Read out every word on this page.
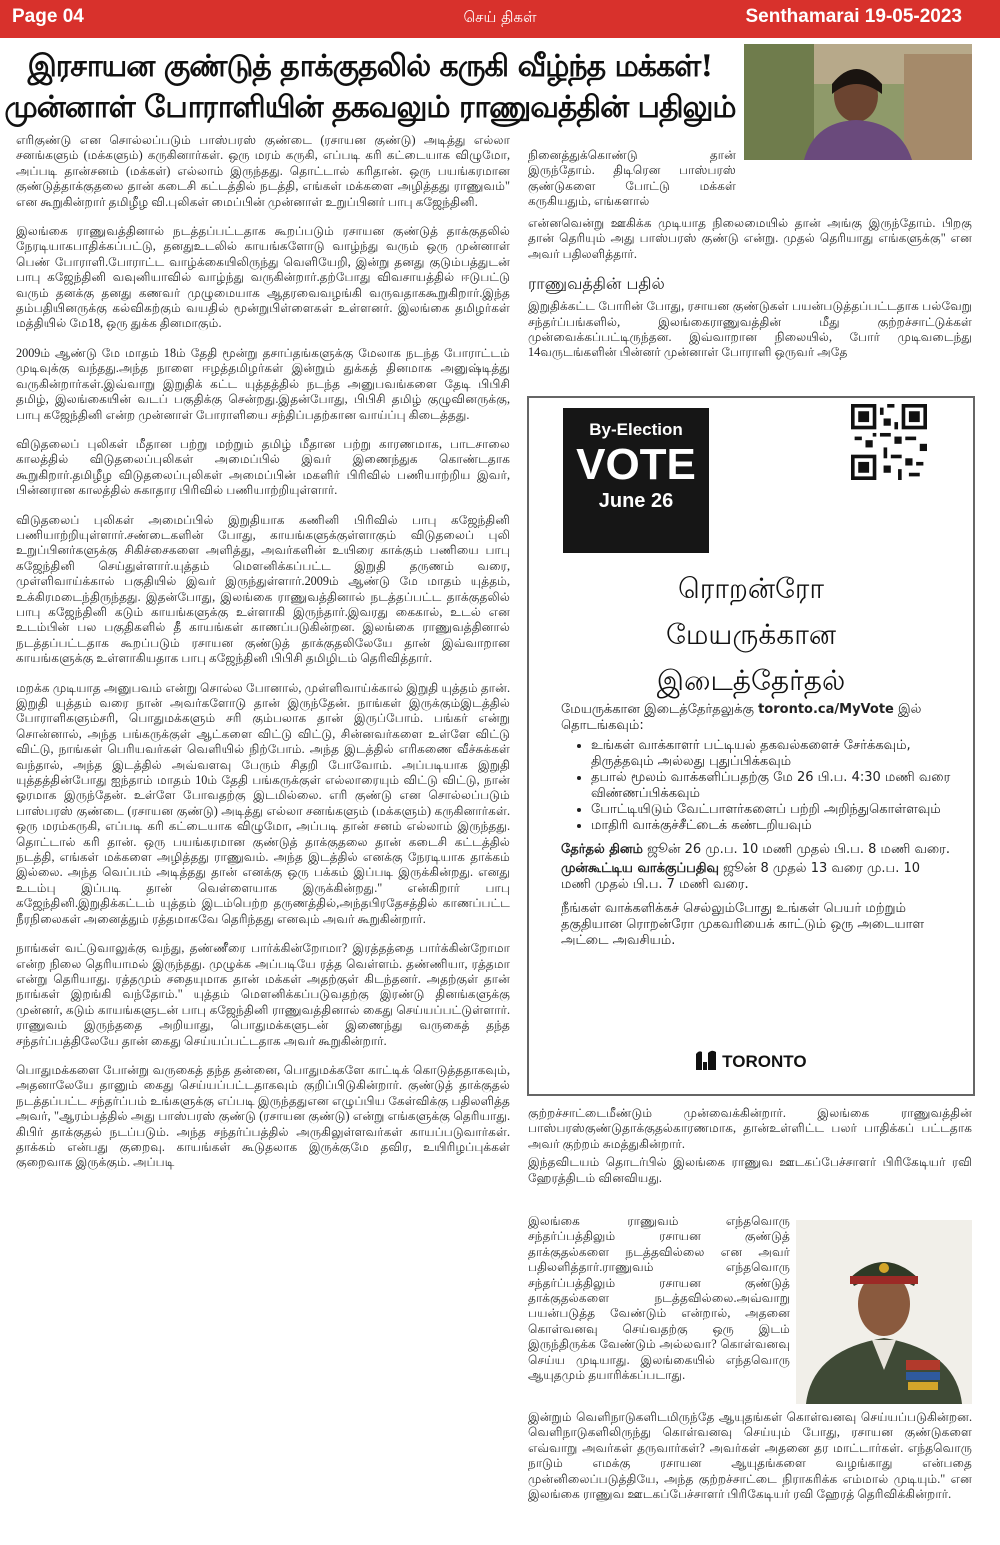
Page 04	செய் திகள்	Senthamarai 19-05-2023
இரசாயன குண்டுத் தாக்குதலில் கருகி வீழ்ந்த மக்கள்!
முன்னாள் போராளியின் தகவலும் ராணுவத்தின் பதிலும்

எரிகுண்டு என சொல்லப்படும் பாஸ்பரஸ் குண்டை (ரசாயன குண்டு) அடித்து எல்லா சனங்களும் (மக்களும்) கருகினார்கள். ஒரு மரம் கருகி, எப்படி கரி கட்டையாக விழுமோ, அப்படி தான்சனம் (மக்கள்) எல்லாம் இருந்தது. தொட்டால் கரிதான். ஒரு பயங்கரமான குண்டுத்தாக்குதலை தான் கடைசி கட்டத்தில் நடத்தி, எங்கள் மக்களை அழித்தது ராணுவம்" என கூறுகின்றார் தமிழீழ வி.புலிகள் மைப்பின் முன்னாள் உறுப்பினர் பாபு கஜேந்தினி.

இலங்கை ராணுவத்தினால் நடத்தப்பட்டதாக கூறப்படும் ரசாயன குண்டுத் தாக்குதலில் நேரடியாகபாதிக்கப்பட்டு, தனதுஉடலில் காயங்களோடு வாழ்ந்து வரும் ஒரு முன்னாள் பெண் போராளி.போராட்ட வாழ்க்கையிலிருந்து வெளியேறி, இன்று தனது குடும்பத்துடன் பாபு கஜேந்தினி வவுனியாவில் வாழ்ந்து வருகின்றார்.தற்போது விவசாயத்தில் ஈடுபட்டு வரும் தனக்கு தனது கணவர் முழுமையாக ஆதரவைவழங்கி வருவதாககூறுகிறார்.இந்த தம்பதியினருக்கு கல்விகற்கும் வயதில் மூன்றுபிள்ளைகள் உள்ளனர். இலங்கை தமிழர்கள் மத்தியில் மே18, ஒரு துக்க தினமாகும்.

2009ம் ஆண்டு மே மாதம் 18ம் தேதி மூன்று தசாப்தங்களுக்கு மேலாக நடந்த போராட்டம் முடிவுக்கு வந்தது.அந்த நாளை ஈழத்தமிழர்கள் இன்றும் துக்கத் தினமாக அனுஷ்டித்து வருகின்றார்கள்.இவ்வாறு இறுதிக் கட்ட யுத்தத்தில் நடந்த அனுபவங்களை தேடி பிபிசி தமிழ், இலங்கையின் வடப் பகுதிக்கு சென்றது.இதன்போது, பிபிசி தமிழ் குழுவினருக்கு, பாபு கஜேந்தினி என்ற முன்னாள் போராளியை சந்திப்பதற்கான வாய்ப்பு கிடைத்தது.

விடுதலைப் புலிகள் மீதான பற்று மற்றும் தமிழ் மீதான பற்று காரணமாக, பாடசாலை காலத்தில் விடுதலைப்புலிகள் அமைப்பில் இவர் இணைந்துக கொண்டதாக கூறுகிறார்.தமிழீழ விடுதலைப்புலிகள் அமைப்பின் மகளிர் பிரிவில் பணியாற்றிய இவர், பின்னரான காலத்தில் சுகாதார பிரிவில் பணியாற்றியுள்ளார்.

விடுதலைப் புலிகள் அமைப்பில் இறுதியாக கணினி பிரிவில் பாபு கஜேந்தினி பணியாற்றியுள்ளார்.சண்டைகளின் போது, காயங்களுக்குள்ளாகும் விடுதலைப் புலி உறுப்பினர்களுக்கு சிகிச்சைகளை அளித்து, அவர்களின் உயிரை காக்கும் பணியை பாபு கஜேந்தினி செய்துள்ளார்.யுத்தம் மௌனிக்கப்பட்ட இறுதி தருணம் வரை, முள்ளிவாய்க்கால் பகுதியில் இவர் இருந்துள்ளார்.2009ம் ஆண்டு மே மாதம் யுத்தம், உக்கிரமடைந்திருந்தது. இதன்போது, இலங்கை ராணுவத்தினால் நடத்தப்பட்ட தாக்குதலில் பாபு கஜேந்தினி கடும் காயங்களுக்கு உள்ளாகி இருந்தார்.இவரது கைகால், உடல் என உடம்பின் பல பகுதிகளில் தீ காயங்கள் காணப்படுகின்றன. இலங்கை ராணுவத்தினால் நடத்தப்பட்டதாக கூறப்படும் ரசாயன குண்டுத் தாக்குதலிலேயே தான் இவ்வாறான காயங்களுக்கு உள்ளாகியதாக பாபு கஜேந்தினி பிபிசி தமிழிடம் தெரிவித்தார்.

மறக்க முடியாத அனுபவம் என்று சொல்ல போனால், முள்ளிவாய்க்கால் இறுதி யுத்தம் தான். இறுதி யுத்தம் வரை நான் அவர்களோடு தான் இருந்தேன். நாங்கள் இருக்கும்இடத்தில் போராளிகளும்சரி, பொதுமக்களும் சரி கும்பலாக தான் இருப்போம். பங்கர் என்று சொன்னால், அந்த பங்கருக்குள் ஆட்களை விட்டு விட்டு, சின்னவர்களை உள்ளே விட்டு விட்டு, நாங்கள் பெரியவர்கள் வெளியில் நிற்போம். அந்த இடத்தில் எரிகணை வீச்சுக்கள் வந்தால், அந்த இடத்தில் அவ்வளவு பேரும் சிதறி போவோம். அப்படியாக இறுதி யுத்தத்தின்போது ஐந்தாம் மாதம் 10ம் தேதி பங்கருக்குள் எல்லாரையும் விட்டு விட்டு, நான் ஓரமாக இருந்தேன். உள்ளே போவதற்கு இடமில்லை. எரி குண்டு என சொல்லப்படும் பாஸ்பரஸ் குண்டை (ரசாயன குண்டு) அடித்து எல்லா சனங்களும் (மக்களும்) கருகினார்கள். ஒரு மரம்கருகி, எப்படி கரி கட்டையாக விழுமோ, அப்படி தான் சனம் எல்லாம் இருந்தது. தொட்டால் கரி தான். ஒரு பயங்கரமான குண்டுத் தாக்குதலை தான் கடைசி கட்டத்தில் நடத்தி, எங்கள் மக்களை அழித்தது ராணுவம். அந்த இடத்தில் எனக்கு நேரடியாக தாக்கம் இல்லை. அந்த வெப்பம் அடித்தது தான் எனக்கு ஒரு பக்கம் இப்படி இருக்கின்றது. எனது உடம்பு இப்படி தான் வெள்ளையாக இருக்கின்றது." என்கிறார் பாபு கஜேந்தினி.இறுதிக்கட்டம் யுத்தம் இடம்பெற்ற தருணத்தில்,அந்தபிரதேசத்தில் காணப்பட்ட நீரநிலைகள் அனைத்தும் ரத்தமாகவே தெரிந்தது எனவும் அவர் கூறுகின்றார்.

நாங்கள் வட்டுவாலுக்கு வந்து, தண்ணீரை பார்க்கின்றோமா? இரத்தத்தை பார்க்கின்றோமா என்ற நிலை தெரியாமல் இருந்தது. முழுக்க அப்படியே ரத்த வெள்ளம். தண்ணியா, ரத்தமா என்று தெரியாது. ரத்தமும் சதையுமாக தான் மக்கள் அதற்குள் கிடந்தனர். அதற்குள் தான் நாங்கள் இறங்கி வந்தோம்." யுத்தம் மௌனிக்கப்படுவதற்கு இரண்டு தினங்களுக்கு முன்னர், கடும் காயங்களுடன் பாபு கஜேந்தினி ராணுவத்தினால் கைது செய்யப்பட்டுள்ளார். ராணுவம் இருந்ததை அறியாது, பொதுமக்களுடன் இணைந்து வருகைத் தந்த சந்தர்ப்பத்திலேயே தான் கைது செய்யப்பட்டதாக அவர் கூறுகின்றார்.

பொதுமக்களை போன்று வருகைத் தந்த தன்னை, பொதுமக்களே காட்டிக் கொடுத்ததாகவும், அதனாலேயே தானும் கைது செய்யப்பட்டதாகவும் குறிப்பிடுகின்றார். குண்டுத் தாக்குதல் நடத்தப்பட்ட சந்தர்ப்பம் உங்களுக்கு எப்படி இருந்ததுஎன எழுப்பிய கேள்விக்கு பதிலளித்த அவர், "ஆரம்பத்தில் அது பாஸ்பரஸ் குண்டு (ரசாயன குண்டு) என்று எங்களுக்கு தெரியாது. கிபிர் தாக்குதல் நடப்படும். அந்த சந்தர்ப்பத்தில் அருகிலுள்ளவர்கள் காயப்படுவார்கள். தாக்கம் என்பது குறைவு. காயங்கள் கூடுதலாக இருக்குமே தவிர, உயிரிழப்புக்கள் குறைவாக இருக்கும். அப்படி

நினைத்துக்கொண்டு தான் இருந்தோம். திடிரென பாஸ்பரஸ் குண்டுகளை போட்டு மக்கள் கருகியதும், எங்களால்

என்னவென்று ஊகிக்க முடியாத நிலைமையில் தான் அங்கு இருந்தோம். பிறகு தான் தெரியும் அது பாஸ்பரஸ் குண்டு என்று. முதல் தெரியாது எங்களுக்கு" என அவர் பதிலளித்தார்.

ராணுவத்தின் பதில்

இறுதிக்கட்ட போரின் போது, ரசாயன குண்டுகள் பயன்படுத்தப்பட்டதாக பல்வேறு சந்தர்ப்பங்களில், இலங்கைராணுவத்தின் மீது குற்றச்சாட்டுக்கள் முன்வைக்கப்பட்டிருந்தன. இவ்வாறான நிலையில், போர் முடிவடைந்து 14வருடங்களின் பின்னர் முன்னாள் போராளி ஒருவர் அதே

By-Election
VOTE
June 26
ரொறன்ரோ
மேயருக்கான
இடைத்தேர்தல்
மேயருக்கான இடைத்தேர்தலுக்கு toronto.ca/MyVote இல் தொடங்கவும்:
• உங்கள் வாக்காளர் பட்டியல் தகவல்களைச் சேர்க்கவும், திருத்தவும் அல்லது புதுப்பிக்கவும்
• தபால் மூலம் வாக்களிப்பதற்கு மே 26 பி.ப. 4:30 மணி வரை விண்ணப்பிக்கவும்
• போட்டியிடும் வேட்பாளர்களைப் பற்றி அறிந்துகொள்ளவும்
• மாதிரி வாக்குச்சீட்டைக் கண்டறியவும்
தேர்தல் தினம் ஜூன் 26 மு.ப. 10 மணி முதல் பி.ப. 8 மணி வரை.
முன்கூட்டிய வாக்குப்பதிவு ஜூன் 8 முதல் 13 வரை மு.ப. 10 மணி முதல் பி.ப. 7 மணி வரை.
நீங்கள் வாக்களிக்கச் செல்லும்போது உங்கள் பெயர் மற்றும் தகுதியான ரொறன்ரோ முகவரியைக் காட்டும் ஒரு அடையாள அட்டை அவசியம்.
TORONTO

குற்றச்சாட்டைமீண்டும் முன்வைக்கின்றார். இலங்கை ராணுவத்தின் பாஸ்பரஸ்குண்டுதாக்குதல்காரணமாக, தான்உள்ளிட்ட பலர் பாதிக்கப் பட்டதாக அவர் குற்றம் சுமத்துகின்றார்.

இந்தவிடயம் தொடர்பில் இலங்கை ராணுவ ஊடகப்பேச்சாளர் பிரிகேடியர் ரவி ஹேரத்திடம் வினவியது.

இலங்கை ராணுவம் எந்தவொரு சந்தர்ப்பத்திலும் ரசாயன குண்டுத் தாக்குதல்களை நடத்தவில்லை என அவர் பதிலளித்தார்.ராணுவம் எந்தவொரு சந்தர்ப்பத்திலும் ரசாயன குண்டுத் தாக்குதல்களை நடத்தவில்லை.அவ்வாறு பயன்படுத்த வேண்டும் என்றால், அதனை கொள்வனவு செய்வதற்கு ஒரு இடம் இருந்திருக்க வேண்டும் அல்லவா? கொள்வனவு செய்ய முடியாது. இலங்கையில் எந்தவொரு ஆயுதமும் தயாரிக்கப்படாது.

இன்றும் வெளிநாடுகளிடமிருந்தே ஆயுதங்கள் கொள்வனவு செய்யப்படுகின்றன. வெளிநாடுகளிலிருந்து கொள்வனவு செய்யும் போது, ரசாயன குண்டுகளை எவ்வாறு அவர்கள் தருவார்கள்? அவர்கள் அதனை தர மாட்டார்கள். எந்தவொரு நாடும் எமக்கு ரசாயன ஆயுதங்களை வழங்காது என்பதை முன்னிலைப்படுத்தியே, அந்த குற்றச்சாட்டை நிராகரிக்க எம்மால் முடியும்." என இலங்கை ராணுவ ஊடகப்பேச்சாளர் பிரிகேடியர் ரவி ஹேரத் தெரிவிக்கின்றார்.
